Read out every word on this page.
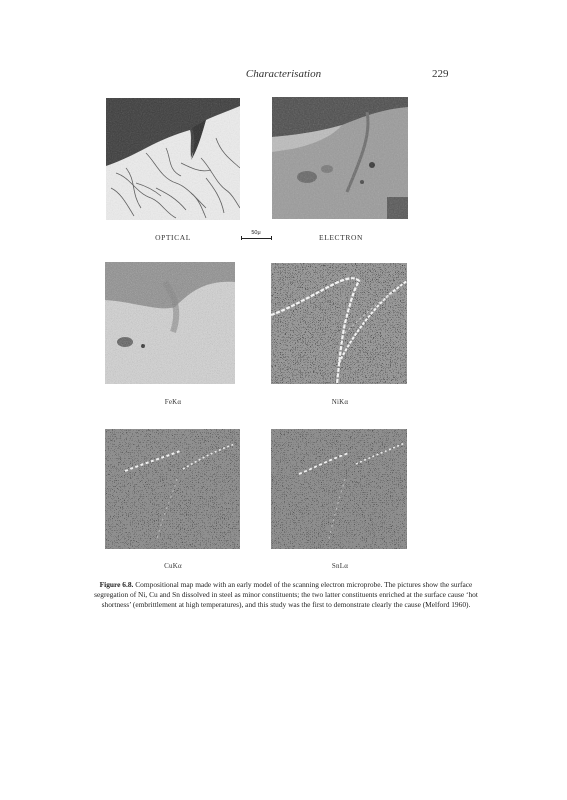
Characterisation	229
OPTICAL	50μ	ELECTRON
FeKα	NiKα
CuKα	SnLα
Figure 6.8. Compositional map made with an early model of the scanning electron microprobe. The pictures show the surface segregation of Ni, Cu and Sn dissolved in steel as minor constituents; the two latter constituents enriched at the surface cause ‘hot shortness’ (embrittlement at high temperatures), and this study was the first to demonstrate clearly the cause (Melford 1960).
